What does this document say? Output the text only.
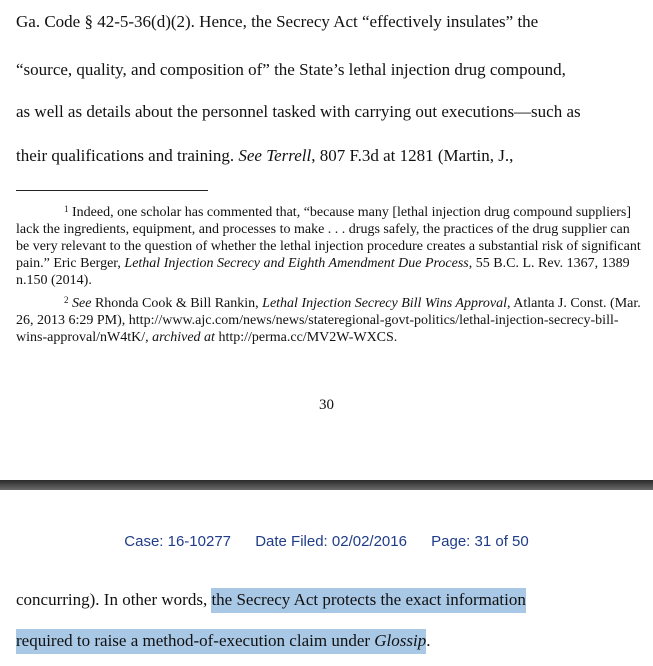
Ga. Code § 42-5-36(d)(2). Hence, the Secrecy Act “effectively insulates” the
“source, quality, and composition of” the State’s lethal injection drug compound,
as well as details about the personnel tasked with carrying out executions—such as
their qualifications and training. See Terrell, 807 F.3d at 1281 (Martin, J.,
$^1$ Indeed, one scholar has commented that, “because many [lethal injection drug compound suppliers] lack the ingredients, equipment, and processes to make . . . drugs safely, the practices of the drug supplier can be very relevant to the question of whether the lethal injection procedure creates a substantial risk of significant pain.” Eric Berger, Lethal Injection Secrecy and Eighth Amendment Due Process, 55 B.C. L. Rev. 1367, 1389 n.150 (2014).
$^2$ See Rhonda Cook & Bill Rankin, Lethal Injection Secrecy Bill Wins Approval, Atlanta J. Const. (Mar. 26, 2013 6:29 PM), http://www.ajc.com/news/news/stateregional-govt-politics/lethal-injection-secrecy-bill-wins-approval/nW4tK/, archived at http://perma.cc/MV2W-WXCS.
30
Case: 16-10277 Date Filed: 02/02/2016 Page: 31 of 50
concurring). In other words, the Secrecy Act protects the exact information
required to raise a method-of-execution claim under Glossip.
